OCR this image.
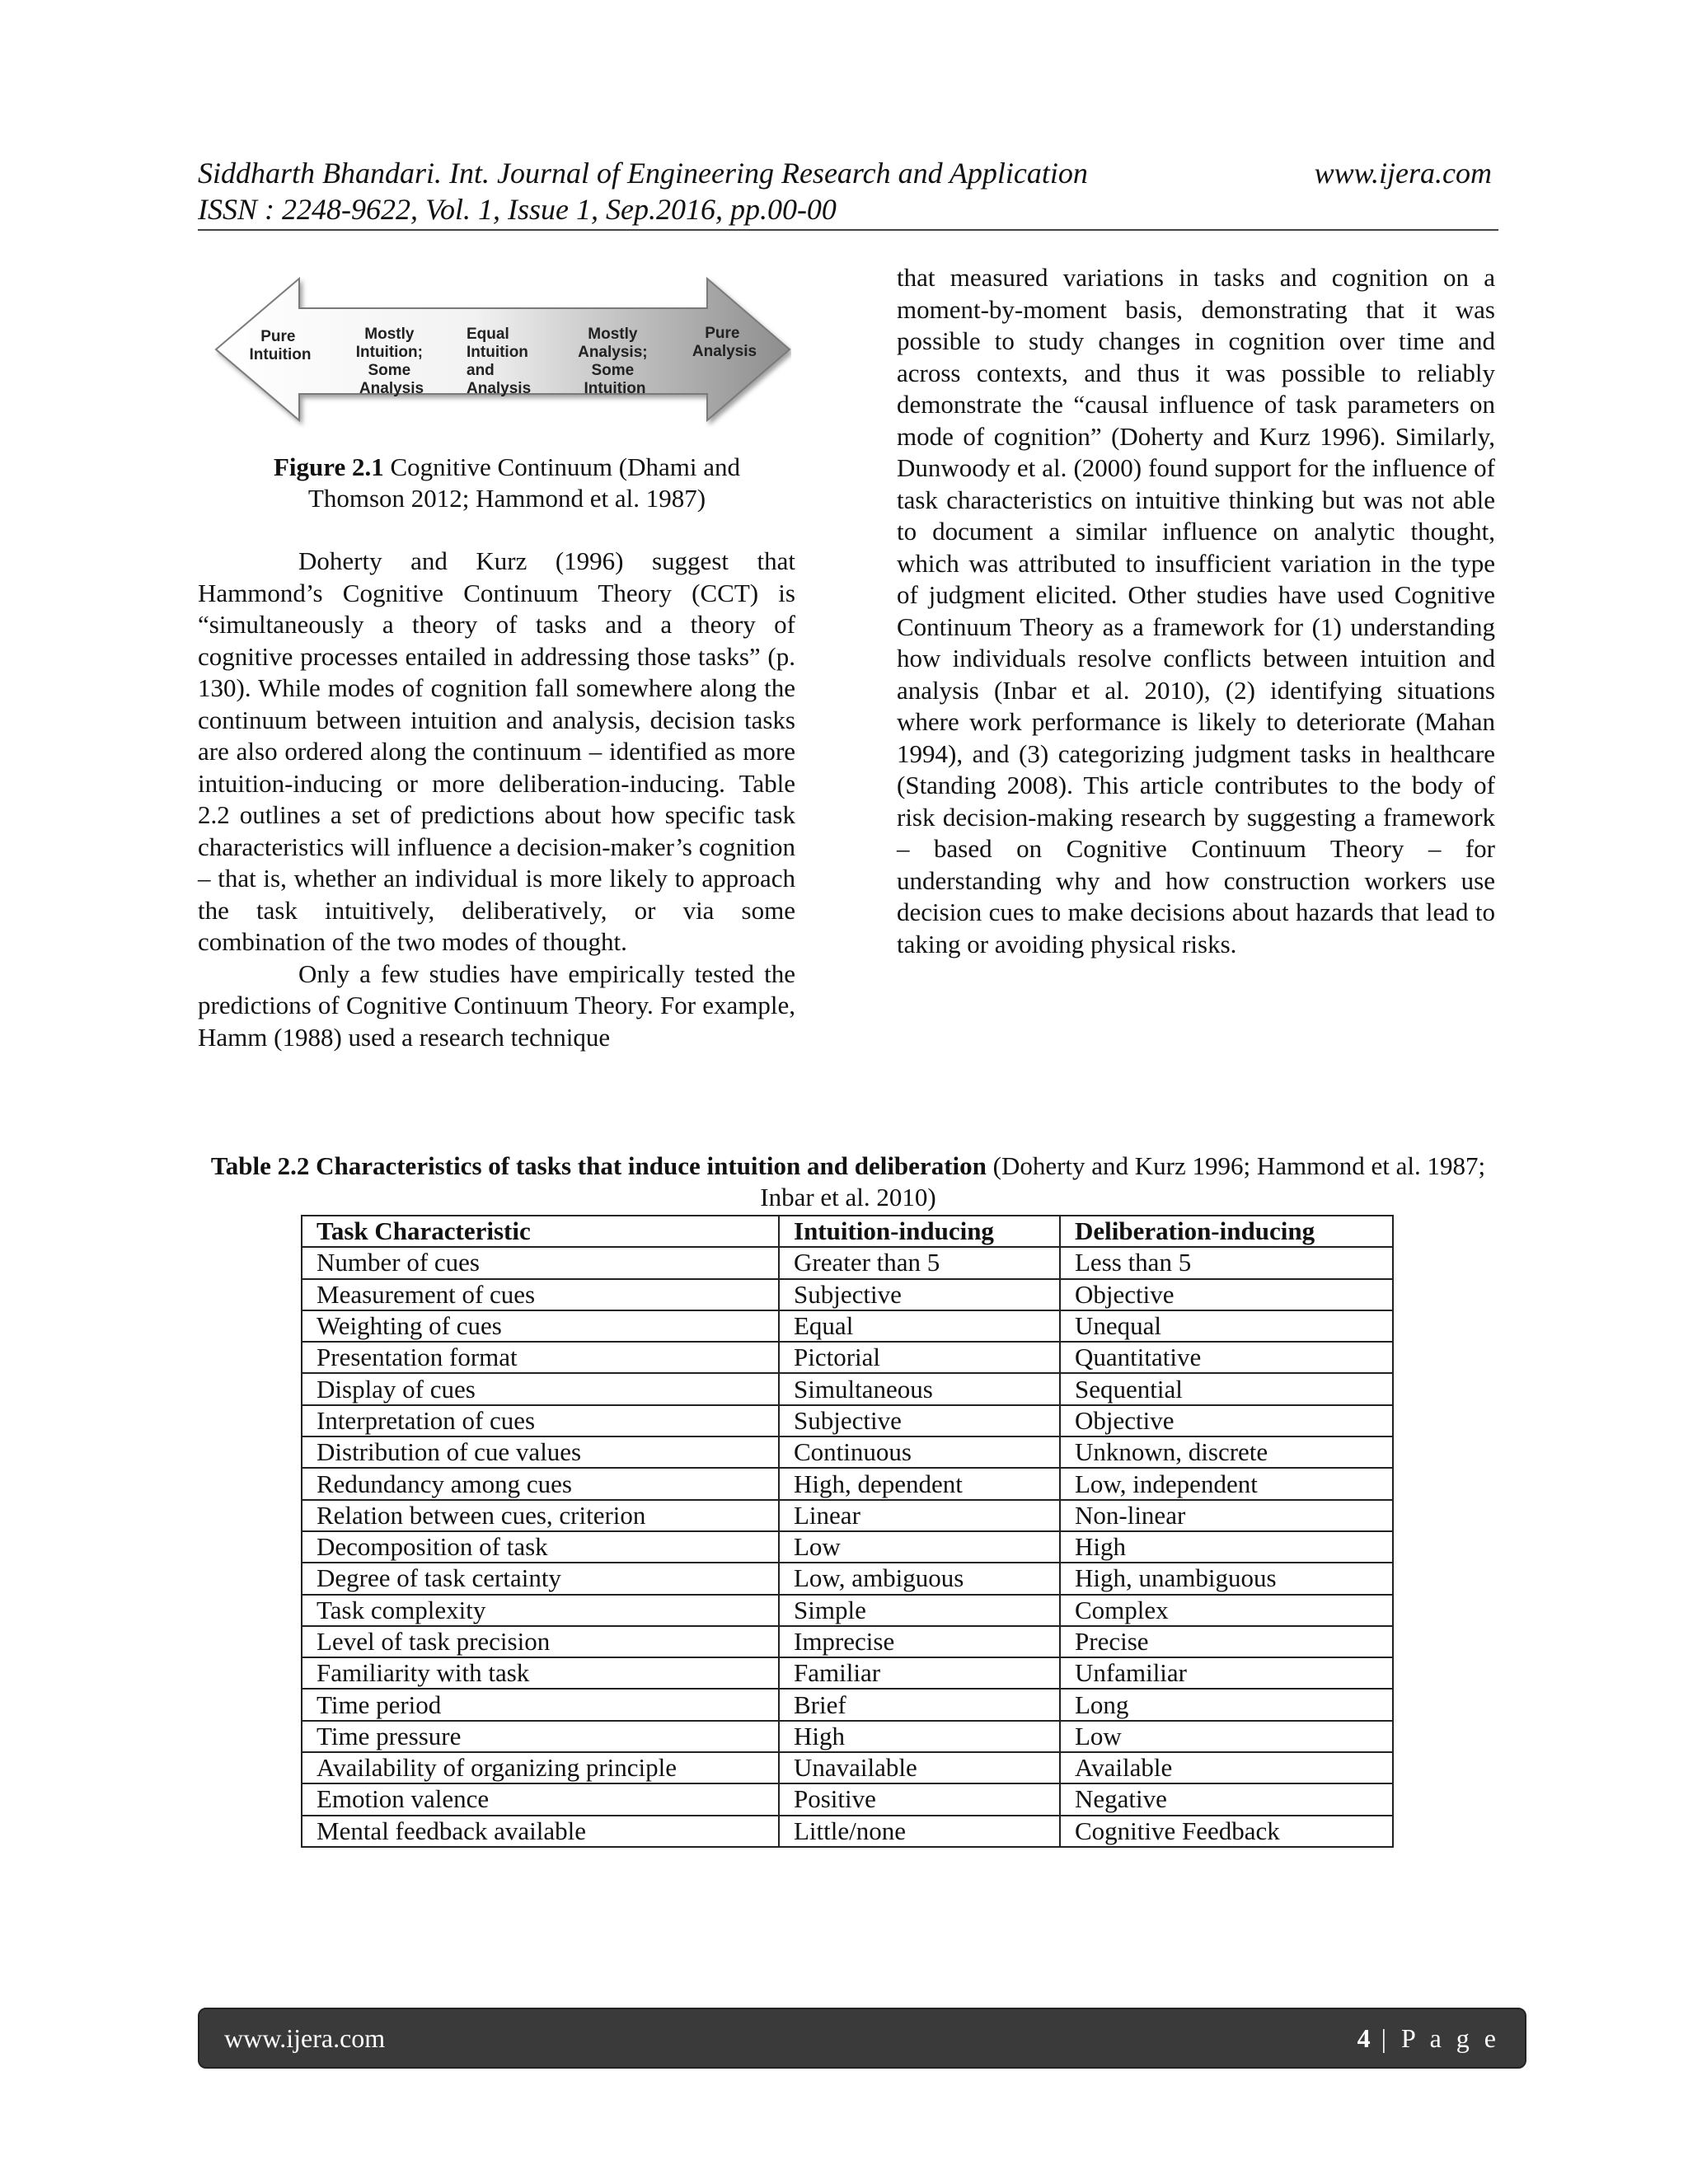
Siddharth Bhandari. Int. Journal of Engineering Research and Application	www.ijera.com
ISSN : 2248-9622, Vol. 1, Issue 1, Sep.2016, pp.00-00
Pure Intuition
Mostly Intuition; Some Analysis
Equal Intuition and Analysis
Mostly Analysis; Some Intuition
Pure Analysis
Figure 2.1 Cognitive Continuum (Dhami and Thomson 2012; Hammond et al. 1987)

Doherty and Kurz (1996) suggest that Hammond’s Cognitive Continuum Theory (CCT) is “simultaneously a theory of tasks and a theory of cognitive processes entailed in addressing those tasks” (p. 130). While modes of cognition fall somewhere along the continuum between intuition and analysis, decision tasks are also ordered along the continuum – identified as more intuition-inducing or more deliberation-inducing. Table 2.2 outlines a set of predictions about how specific task characteristics will influence a decision-maker’s cognition – that is, whether an individual is more likely to approach the task intuitively, deliberatively, or via some combination of the two modes of thought.

Only a few studies have empirically tested the predictions of Cognitive Continuum Theory. For example, Hamm (1988) used a research technique

that measured variations in tasks and cognition on a moment-by-moment basis, demonstrating that it was possible to study changes in cognition over time and across contexts, and thus it was possible to reliably demonstrate the “causal influence of task parameters on mode of cognition” (Doherty and Kurz 1996). Similarly, Dunwoody et al. (2000) found support for the influence of task characteristics on intuitive thinking but was not able to document a similar influence on analytic thought, which was attributed to insufficient variation in the type of judgment elicited. Other studies have used Cognitive Continuum Theory as a framework for (1) understanding how individuals resolve conflicts between intuition and analysis (Inbar et al. 2010), (2) identifying situations where work performance is likely to deteriorate (Mahan 1994), and (3) categorizing judgment tasks in healthcare (Standing 2008). This article contributes to the body of risk decision-making research by suggesting a framework – based on Cognitive Continuum Theory – for understanding why and how construction workers use decision cues to make decisions about hazards that lead to taking or avoiding physical risks.

Table 2.2 Characteristics of tasks that induce intuition and deliberation (Doherty and Kurz 1996; Hammond et al. 1987; Inbar et al. 2010)
Task Characteristic	Intuition-inducing	Deliberation-inducing
Number of cues	Greater than 5	Less than 5
Measurement of cues	Subjective	Objective
Weighting of cues	Equal	Unequal
Presentation format	Pictorial	Quantitative
Display of cues	Simultaneous	Sequential
Interpretation of cues	Subjective	Objective
Distribution of cue values	Continuous	Unknown, discrete
Redundancy among cues	High, dependent	Low, independent
Relation between cues, criterion	Linear	Non-linear
Decomposition of task	Low	High
Degree of task certainty	Low, ambiguous	High, unambiguous
Task complexity	Simple	Complex
Level of task precision	Imprecise	Precise
Familiarity with task	Familiar	Unfamiliar
Time period	Brief	Long
Time pressure	High	Low
Availability of organizing principle	Unavailable	Available
Emotion valence	Positive	Negative
Mental feedback available	Little/none	Cognitive Feedback
www.ijera.com	4 | P a g e
